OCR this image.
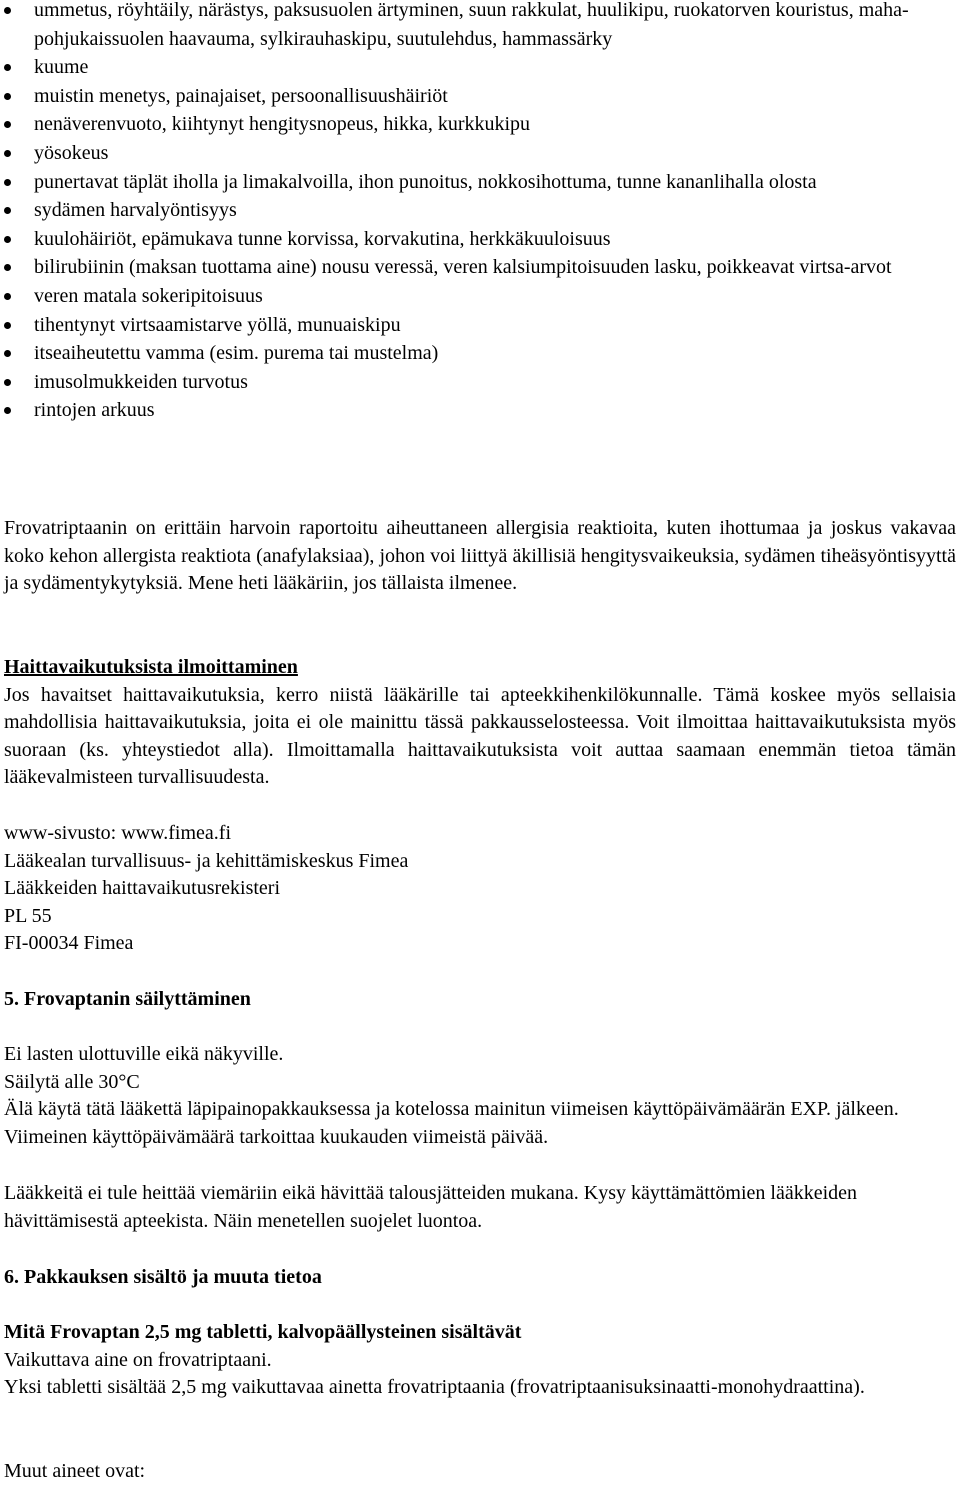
ummetus, röyhtäily, närästys, paksusuolen ärtyminen, suun rakkulat, huulikipu, ruokatorven kouristus, maha-pohjukaissuolen haavauma, sylkirauhaskipu, suutulehdus, hammassärky
kuume
muistin menetys, painajaiset, persoonallisuushäiriöt
nenäverenvuoto, kiihtynyt hengitysnopeus, hikka, kurkkukipu
yösokeus
punertavat täplät iholla ja limakalvoilla, ihon punoitus, nokkosihottuma, tunne kananlihalla olosta
sydämen harvalyöntisyys
kuulohäiriöt, epämukava tunne korvissa, korvakutina, herkkäkuuloisuus
bilirubiinin (maksan tuottama aine) nousu veressä, veren kalsiumpitoisuuden lasku, poikkeavat virtsa-arvot
veren matala sokeripitoisuus
tihentynyt virtsaamistarve yöllä, munuaiskipu
itseaiheutettu vamma (esim. purema tai mustelma)
imusolmukkeiden turvotus
rintojen arkuus

Frovatriptaanin on erittäin harvoin raportoitu aiheuttaneen allergisia reaktioita, kuten ihottumaa ja joskus vakavaa koko kehon allergista reaktiota (anafylaksiaa), johon voi liittyä äkillisiä hengitysvaikeuksia, sydämen tiheäsyöntisyyttä ja sydämentykytyksiä. Mene heti lääkäriin, jos tällaista ilmenee.

Haittavaikutuksista ilmoittaminen

Jos havaitset haittavaikutuksia, kerro niistä lääkärille tai apteekkihenkilökunnalle. Tämä koskee myös sellaisia mahdollisia haittavaikutuksia, joita ei ole mainittu tässä pakkausselosteessa. Voit ilmoittaa haittavaikutuksista myös suoraan (ks. yhteystiedot alla). Ilmoittamalla haittavaikutuksista voit auttaa saamaan enemmän tietoa tämän lääkevalmisteen turvallisuudesta.

www-sivusto: www.fimea.fi

Lääkealan turvallisuus- ja kehittämiskeskus Fimea

Lääkkeiden haittavaikutusrekisteri

PL 55

FI-00034 Fimea

5. Frovaptanin säilyttäminen

Ei lasten ulottuville eikä näkyville.

Säilytä alle 30°C

Älä käytä tätä lääkettä läpipainopakkauksessa ja kotelossa mainitun viimeisen käyttöpäivämäärän EXP. jälkeen. Viimeinen käyttöpäivämäärä tarkoittaa kuukauden viimeistä päivää.

Lääkkeitä ei tule heittää viemäriin eikä hävittää talousjätteiden mukana. Kysy käyttämättömien lääkkeiden hävittämisestä apteekista. Näin menetellen suojelet luontoa.

6. Pakkauksen sisältö ja muuta tietoa

Mitä Frovaptan 2,5 mg tabletti, kalvopäällysteinen sisältävät

Vaikuttava aine on frovatriptaani.

Yksi tabletti sisältää 2,5 mg vaikuttavaa ainetta frovatriptaania (frovatriptaanisuksinaatti-monohydraattina).

Muut aineet ovat:
